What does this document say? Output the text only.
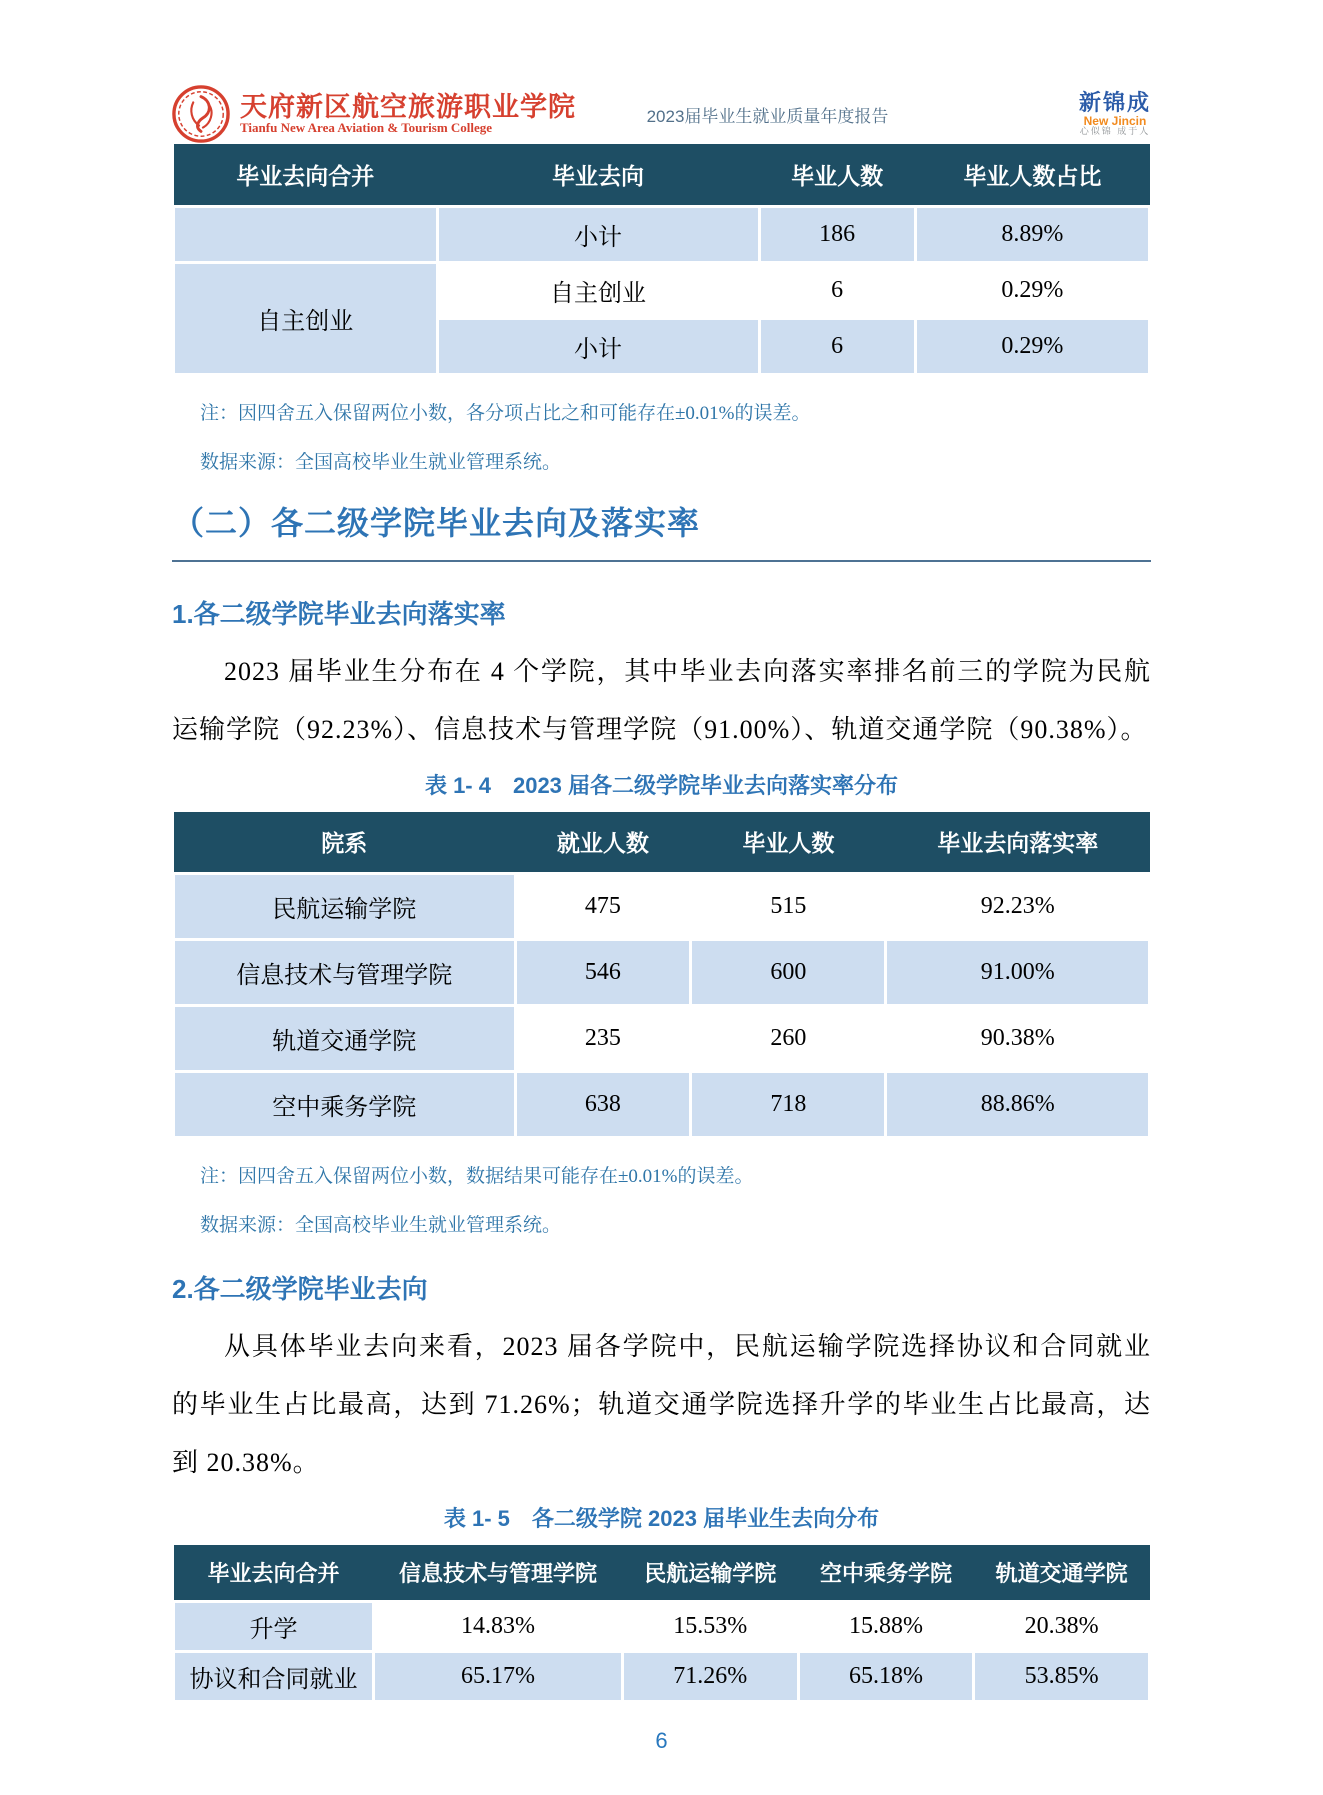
天府新区航空旅游职业学院
Tianfu New Area Aviation & Tourism College
2023届毕业生就业质量年度报告
新锦成
New Jincin
心似锦 成于人
毕业去向合并	毕业去向	毕业人数	毕业人数占比
	小计	186	8.89%
自主创业	自主创业	6	0.29%
	小计	6	0.29%
注：因四舍五入保留两位小数，各分项占比之和可能存在±0.01%的误差。
数据来源：全国高校毕业生就业管理系统。
（二）各二级学院毕业去向及落实率
1.各二级学院毕业去向落实率
2023 届毕业生分布在 4 个学院，其中毕业去向落实率排名前三的学院为民航运输学院（92.23%）、信息技术与管理学院（91.00%）、轨道交通学院（90.38%）。
表 1- 4　2023 届各二级学院毕业去向落实率分布
院系	就业人数	毕业人数	毕业去向落实率
民航运输学院	475	515	92.23%
信息技术与管理学院	546	600	91.00%
轨道交通学院	235	260	90.38%
空中乘务学院	638	718	88.86%
注：因四舍五入保留两位小数，数据结果可能存在±0.01%的误差。
数据来源：全国高校毕业生就业管理系统。
2.各二级学院毕业去向
从具体毕业去向来看，2023 届各学院中，民航运输学院选择协议和合同就业的毕业生占比最高，达到 71.26%；轨道交通学院选择升学的毕业生占比最高，达到 20.38%。
表 1- 5　各二级学院 2023 届毕业生去向分布
毕业去向合并	信息技术与管理学院	民航运输学院	空中乘务学院	轨道交通学院
升学	14.83%	15.53%	15.88%	20.38%
协议和合同就业	65.17%	71.26%	65.18%	53.85%
6
